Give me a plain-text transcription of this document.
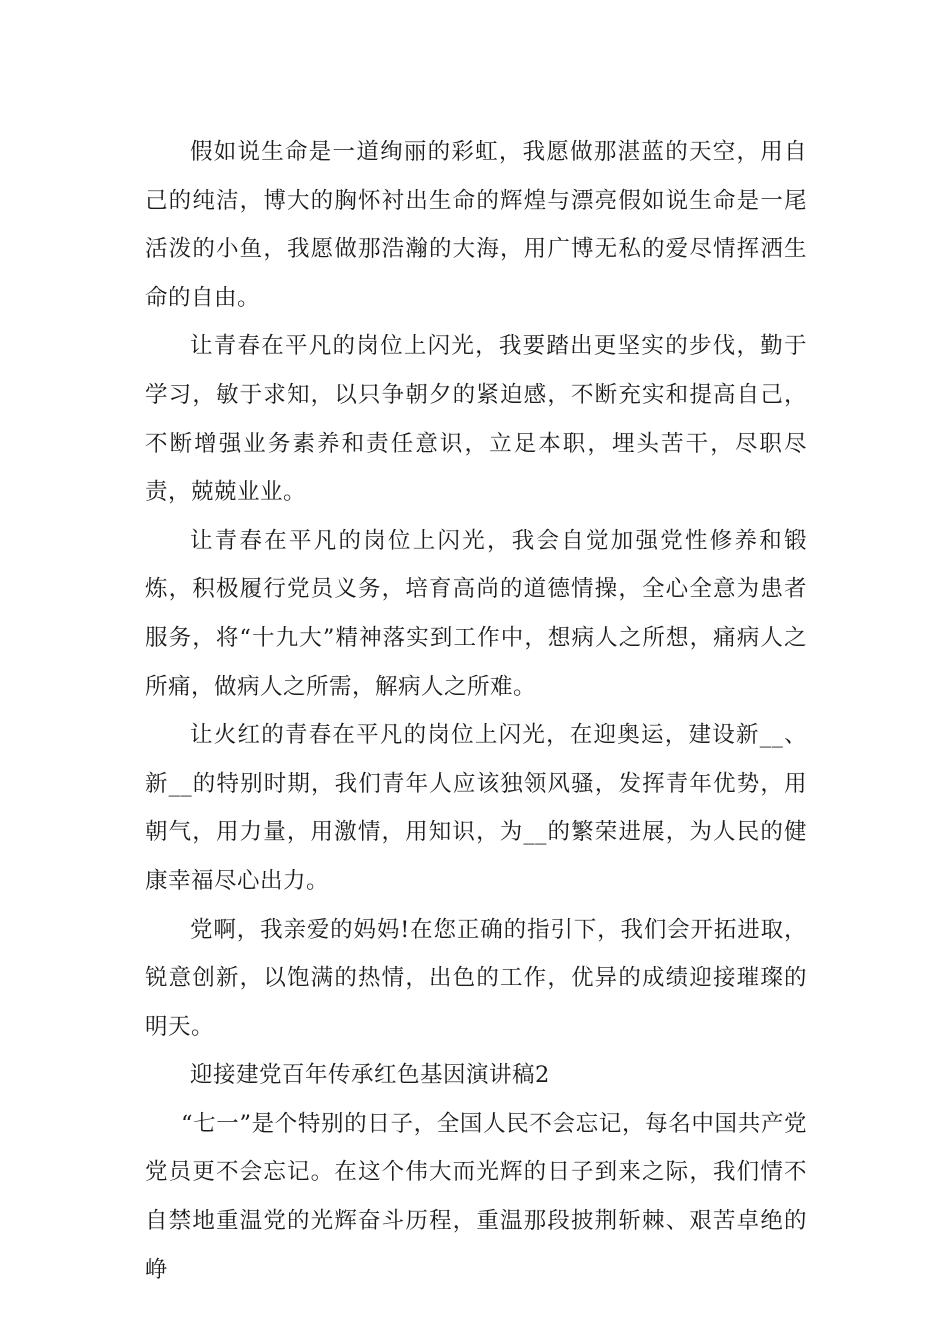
假如说生命是一道绚丽的彩虹，我愿做那湛蓝的天空，用自己的纯洁，博大的胸怀衬出生命的辉煌与漂亮假如说生命是一尾活泼的小鱼，我愿做那浩瀚的大海，用广博无私的爱尽情挥洒生命的自由。

让青春在平凡的岗位上闪光，我要踏出更坚实的步伐，勤于学习，敏于求知，以只争朝夕的紧迫感，不断充实和提高自己，不断增强业务素养和责任意识，立足本职，埋头苦干，尽职尽责，兢兢业业。

让青春在平凡的岗位上闪光，我会自觉加强党性修养和锻炼，积极履行党员义务，培育高尚的道德情操，全心全意为患者服务，将“十九大”精神落实到工作中，想病人之所想，痛病人之所痛，做病人之所需，解病人之所难。

让火红的青春在平凡的岗位上闪光，在迎奥运，建设新__、新__的特别时期，我们青年人应该独领风骚，发挥青年优势，用朝气，用力量，用激情，用知识，为__的繁荣进展，为人民的健康幸福尽心出力。

党啊，我亲爱的妈妈!在您正确的指引下，我们会开拓进取，锐意创新，以饱满的热情，出色的工作，优异的成绩迎接璀璨的明天。

迎接建党百年传承红色基因演讲稿2

“七一”是个特别的日子，全国人民不会忘记，每名中国共产党党员更不会忘记。在这个伟大而光辉的日子到来之际，我们情不自禁地重温党的光辉奋斗历程，重温那段披荆斩棘、艰苦卓绝的峥
